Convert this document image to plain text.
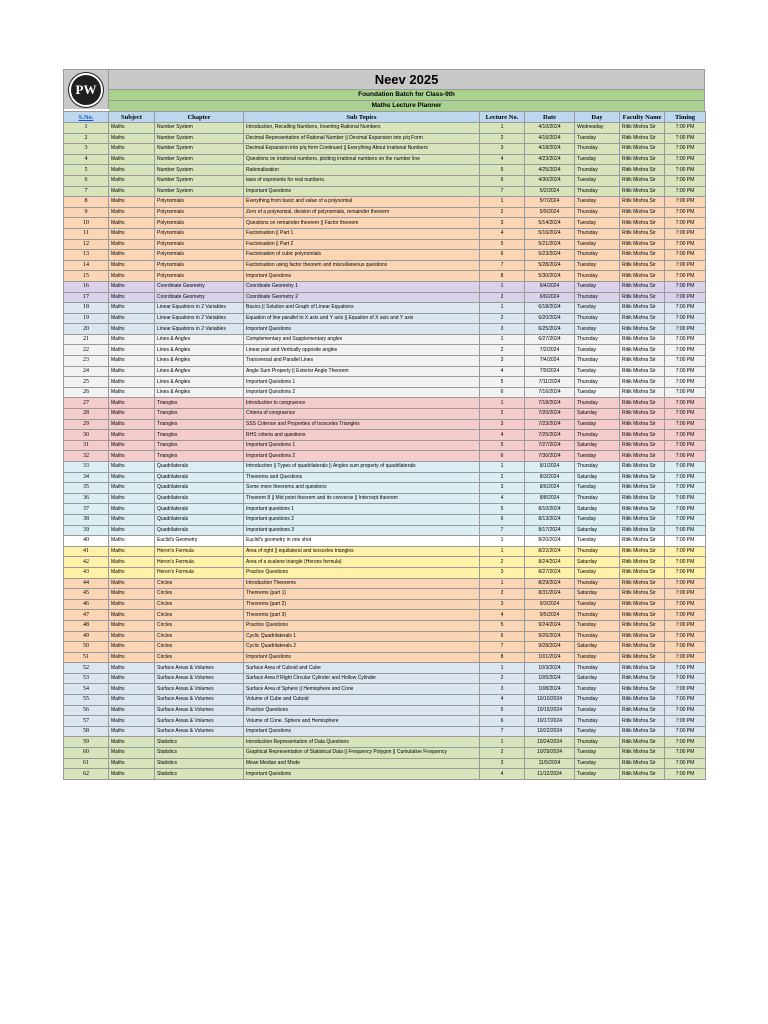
PW
Neev 2025
Foundation Batch for Class-9th
Maths Lecture Planner
S.No.	Subject	Chapter	Sub Topics	Lecture No.	Date	Day	Faculty Name	Timing
1	Maths	Number System	Introduction, Recalling Numbers, Inserting Rational Numbers	1	4/10/2024	Wednesday	Ritik Mishra Sir	7:00 PM
2	Maths	Number System	Decimal Representation of Rational Number || Decimal Expansion into p/q Form	2	4/16/2024	Tuesday	Ritik Mishra Sir	7:00 PM
3	Maths	Number System	Decimal Expansion into p/q form Continued || Everything About Irrational Numbers	3	4/18/2024	Thursday	Ritik Mishra Sir	7:00 PM
4	Maths	Number System	Questions on irrational numbers, plotting irrational numbers on the number line	4	4/23/2024	Tuesday	Ritik Mishra Sir	7:00 PM
5	Maths	Number System	Rationalisation	5	4/25/2024	Thursday	Ritik Mishra Sir	7:00 PM
6	Maths	Number System	laws of exponents for real numbers.	6	4/30/2024	Tuesday	Ritik Mishra Sir	7:00 PM
7	Maths	Number System	Important Questions	7	5/2/2024	Thursday	Ritik Mishra Sir	7:00 PM
8	Maths	Polynomials	Everything from basic and value of a polynomial	1	5/7/2024	Tuesday	Ritik Mishra Sir	7:00 PM
9	Maths	Polynomials	Zero of a polynomial, division of polynomials, remainder theorem	2	5/9/2024	Thursday	Ritik Mishra Sir	7:00 PM
10	Maths	Polynomials	Questions on remainder theorem || Factor theorem	3	5/14/2024	Tuesday	Ritik Mishra Sir	7:00 PM
11	Maths	Polynomials	Factorisation || Part 1	4	5/16/2024	Thursday	Ritik Mishra Sir	7:00 PM
12	Maths	Polynomials	Factorisation || Part 2	5	5/21/2024	Tuesday	Ritik Mishra Sir	7:00 PM
13	Maths	Polynomials	Factorisation of cubic polynomials	6	5/23/2024	Thursday	Ritik Mishra Sir	7:00 PM
14	Maths	Polynomials	Factorisation using factor theorem and miscellaneous questions	7	5/28/2024	Tuesday	Ritik Mishra Sir	7:00 PM
15	Maths	Polynomials	Important Questions	8	5/30/2024	Thursday	Ritik Mishra Sir	7:00 PM
16	Maths	Coordinate Geometry	Coordinate Geometry 1	1	6/4/2024	Tuesday	Ritik Mishra Sir	7:00 PM
17	Maths	Coordinate Geometry	Coordinate Geometry 2	2	6/6/2024	Thursday	Ritik Mishra Sir	7:00 PM
18	Maths	Linear Equations in 2 Variables	Basics || Solution and Graph of Linear Equations	1	6/18/2024	Tuesday	Ritik Mishra Sir	7:00 PM
19	Maths	Linear Equations in 2 Variables	Equation of line parallel to X axis and Y axis || Equation of X axis and Y axis	2	6/20/2024	Thursday	Ritik Mishra Sir	7:00 PM
20	Maths	Linear Equations in 2 Variables	Important Questions	3	6/25/2024	Tuesday	Ritik Mishra Sir	7:00 PM
21	Maths	Lines & Angles	Complementary and Supplementary angles	1	6/27/2024	Thursday	Ritik Mishra Sir	7:00 PM
22	Maths	Lines & Angles	Linear pair and Vertically opposite angles	2	7/2/2024	Tuesday	Ritik Mishra Sir	7:00 PM
23	Maths	Lines & Angles	Transversal and Parallel Lines	3	7/4/2024	Thursday	Ritik Mishra Sir	7:00 PM
24	Maths	Lines & Angles	Angle Sum Property || Exterior Angle Theorem	4	7/9/2024	Tuesday	Ritik Mishra Sir	7:00 PM
25	Maths	Lines & Angles	Important Questions 1	5	7/11/2024	Thursday	Ritik Mishra Sir	7:00 PM
26	Maths	Lines & Angles	Important Questions 2	6	7/16/2024	Tuesday	Ritik Mishra Sir	7:00 PM
27	Maths	Triangles	Introduction to congruence	1	7/18/2024	Thursday	Ritik Mishra Sir	7:00 PM
28	Maths	Triangles	Criteria of congruence	2	7/20/2024	Saturday	Ritik Mishra Sir	7:00 PM
29	Maths	Triangles	SSS Criterion and Properties of Isosceles Triangles	3	7/23/2024	Tuesday	Ritik Mishra Sir	7:00 PM
30	Maths	Triangles	RHS criteria and questions	4	7/25/2024	Thursday	Ritik Mishra Sir	7:00 PM
31	Maths	Triangles	Important Questions 1	5	7/27/2024	Saturday	Ritik Mishra Sir	7:00 PM
32	Maths	Triangles	Important Questions 2	6	7/30/2024	Tuesday	Ritik Mishra Sir	7:00 PM
33	Maths	Quadrilaterals	Introduction || Types of quadrilaterals || Angles sum property of quadrilaterals	1	8/1/2024	Thursday	Ritik Mishra Sir	7:00 PM
34	Maths	Quadrilaterals	Theorems and Questions	2	8/3/2024	Saturday	Ritik Mishra Sir	7:00 PM
35	Maths	Quadrilaterals	Some more theorems and questions	3	8/6/2024	Tuesday	Ritik Mishra Sir	7:00 PM
36	Maths	Quadrilaterals	Theorem 8 || Mid point theorem and its converse || Intercept theorem	4	8/8/2024	Thursday	Ritik Mishra Sir	7:00 PM
37	Maths	Quadrilaterals	Important questions 1	5	8/10/2024	Saturday	Ritik Mishra Sir	7:00 PM
38	Maths	Quadrilaterals	Important questions 2	6	8/13/2024	Tuesday	Ritik Mishra Sir	7:00 PM
39	Maths	Quadrilaterals	Important questions 3	7	8/17/2024	Saturday	Ritik Mishra Sir	7:00 PM
40	Maths	Euclid's Geometry	Euclid's geometry in one shot	1	8/20/2024	Tuesday	Ritik Mishra Sir	7:00 PM
41	Maths	Heron's Formula	Area of right || equilateral and isosceles triangles	1	8/22/2024	Thursday	Ritik Mishra Sir	7:00 PM
42	Maths	Heron's Formula	Area of a scalene triangle (Herons formula)	2	8/24/2024	Saturday	Ritik Mishra Sir	7:00 PM
43	Maths	Heron's Formula	Practice Questions	3	8/27/2024	Tuesday	Ritik Mishra Sir	7:00 PM
44	Maths	Circles	Introduction Theorems	1	8/29/2024	Thursday	Ritik Mishra Sir	7:00 PM
45	Maths	Circles	Theorems (part 1)	2	8/31/2024	Saturday	Ritik Mishra Sir	7:00 PM
46	Maths	Circles	Theorems (part 2)	3	9/3/2024	Tuesday	Ritik Mishra Sir	7:00 PM
47	Maths	Circles	Theorems (part 3)	4	9/5/2024	Thursday	Ritik Mishra Sir	7:00 PM
48	Maths	Circles	Practice Questions	5	9/24/2024	Tuesday	Ritik Mishra Sir	7:00 PM
49	Maths	Circles	Cyclic Quadrilaterals 1	6	9/26/2024	Thursday	Ritik Mishra Sir	7:00 PM
50	Maths	Circles	Cyclic Quadrilaterals 2	7	9/28/2024	Saturday	Ritik Mishra Sir	7:00 PM
51	Maths	Circles	Important Questions	8	10/1/2024	Tuesday	Ritik Mishra Sir	7:00 PM
52	Maths	Surface Areas & Volumes	Surface Area of Cuboid and Cube	1	10/3/2024	Thursday	Ritik Mishra Sir	7:00 PM
53	Maths	Surface Areas & Volumes	Surface Area if Right Circular Cylinder and Hollow Cylinder	2	10/5/2024	Saturday	Ritik Mishra Sir	7:00 PM
54	Maths	Surface Areas & Volumes	Surface Area of Sphere || Hemisphere and Cone	3	10/8/2024	Tuesday	Ritik Mishra Sir	7:00 PM
55	Maths	Surface Areas & Volumes	Volume of Cube and Cuboid	4	10/10/2024	Thursday	Ritik Mishra Sir	7:00 PM
56	Maths	Surface Areas & Volumes	Practice Questions	5	10/15/2024	Tuesday	Ritik Mishra Sir	7:00 PM
57	Maths	Surface Areas & Volumes	Volume of Cone, Sphere and Hemisphere	6	10/17/2024	Thursday	Ritik Mishra Sir	7:00 PM
58	Maths	Surface Areas & Volumes	Important Questions	7	10/22/2024	Tuesday	Ritik Mishra Sir	7:00 PM
59	Maths	Statistics	Introduction Representation of Data Questions	1	10/24/2024	Thursday	Ritik Mishra Sir	7:00 PM
60	Maths	Statistics	Graphical Representation of Statistical Data || Frequency Polygon || Cumulative Frequency	2	10/29/2024	Tuesday	Ritik Mishra Sir	7:00 PM
61	Maths	Statistics	Mean Median and Mode	3	11/5/2024	Tuesday	Ritik Mishra Sir	7:00 PM
62	Maths	Statistics	Important Questions	4	11/12/2024	Tuesday	Ritik Mishra Sir	7:00 PM
